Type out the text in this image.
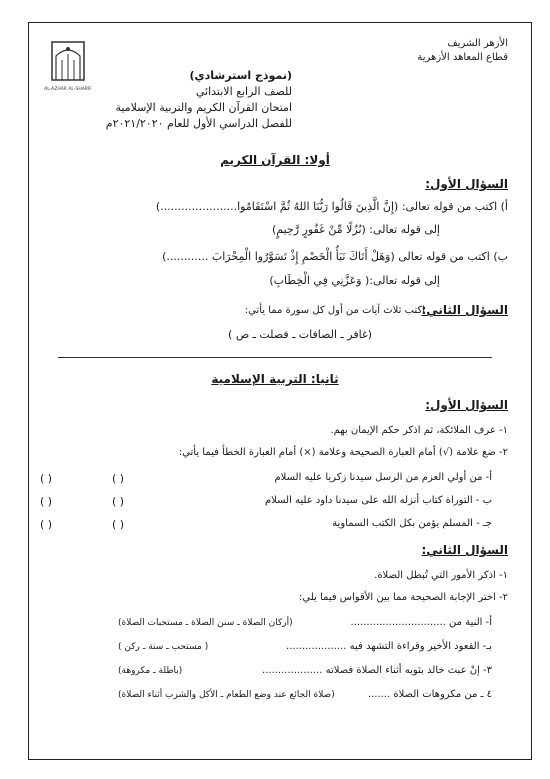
AL-AZHAR AL-SHARIF
الأزهر الشريف
قطاع المعاهد الأزهرية
(نموذج استرشادي)
للصف الرابع الابتدائي
امتحان القرآن الكريم والتربية الإسلامية
للفصل الدراسي الأول للعام ٢٠٢١/٢٠٢٠م
أولا: القرآن الكريم
السؤال الأول:
أ) اكتب من قوله تعالى: (إِنَّ الَّذِينَ قَالُوا رَبُّنَا اللهُ ثُمَّ اسْتَقَامُوا......................)
إلى قوله تعالى: (نُزُلًا مِّنْ غَفُورٍ رَّحِيمٍ)
ب) اكتب من قوله تعالى (وَهَلْ أَتَاكَ نَبَأُ الْخَصْمِ إِذْ تَسَوَّرُوا الْمِحْرَابَ ............)
إلى قوله تعالى:( وَعَزَّنِي فِي الْخِطَابِ)
السؤال الثاني:
اكتب ثلاث آيات من أول كل سورة مما يأتي:
(غافر ـ الصافات ـ فصلت ـ ص )
ثانيا: التربية الإسلامية
السؤال الأول:
١- عرف الملائكة، ثم اذكر حكم الإيمان بهم.
٢- ضع علامة (√) أمام العبارة الصحيحة وعلامة (×) أمام العبارة الخطأ فيما يأتي:
أ- من أولي العزم من الرسل سيدنا زكريا عليه السلام
( )
( )
ب - التوراة كتاب أنزله الله على سيدنا داود عليه السلام
( )
( )
جـ - المسلم يؤمن بكل الكتب السماوية
( )
( )
السؤال الثاني:
١- اذكر الأمور التي تُبطل الصلاة.
٢- اختر الإجابة الصحيحة مما بين الأقواس فيما يلي:
أ- النية من ..............................
(أركان الصلاة ـ سنن الصلاة ـ مستحبات الصلاة)
بـ- القعود الأخير وقراءة التشهد فيه ...................
( مستحب ـ سنة ـ ركن )
٣- إنْ عبث خالد بثوبه أثناء الصلاة فصلاته ...................
(باطلة ـ مكروهة)
٤ ـ من مكروهات الصلاة .......
(صلاة الجائع عند وضع الطعام ـ الأكل والشرب أثناء الصلاة)
